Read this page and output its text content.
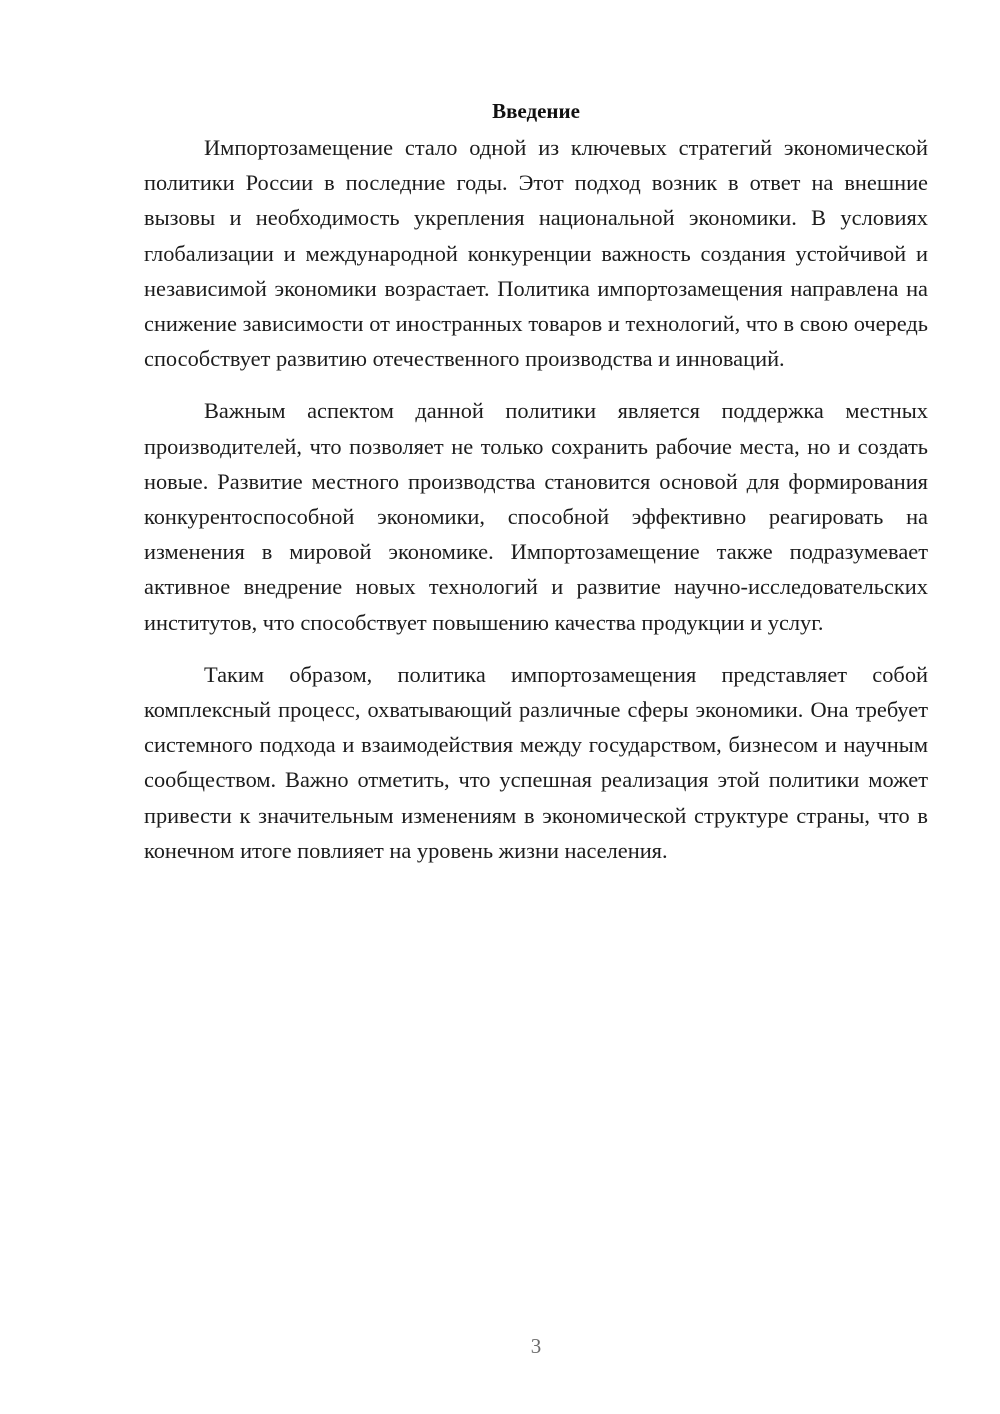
Введение

Импортозамещение стало одной из ключевых стратегий экономической политики России в последние годы. Этот подход возник в ответ на внешние вызовы и необходимость укрепления национальной экономики. В условиях глобализации и международной конкуренции важность создания устойчивой и независимой экономики возрастает. Политика импортозамещения направлена на снижение зависимости от иностранных товаров и технологий, что в свою очередь способствует развитию отечественного производства и инноваций.

Важным аспектом данной политики является поддержка местных производителей, что позволяет не только сохранить рабочие места, но и создать новые. Развитие местного производства становится основой для формирования конкурентоспособной экономики, способной эффективно реагировать на изменения в мировой экономике. Импортозамещение также подразумевает активное внедрение новых технологий и развитие научно-исследовательских институтов, что способствует повышению качества продукции и услуг.

Таким образом, политика импортозамещения представляет собой комплексный процесс, охватывающий различные сферы экономики. Она требует системного подхода и взаимодействия между государством, бизнесом и научным сообществом. Важно отметить, что успешная реализация этой политики может привести к значительным изменениям в экономической структуре страны, что в конечном итоге повлияет на уровень жизни населения.

3
